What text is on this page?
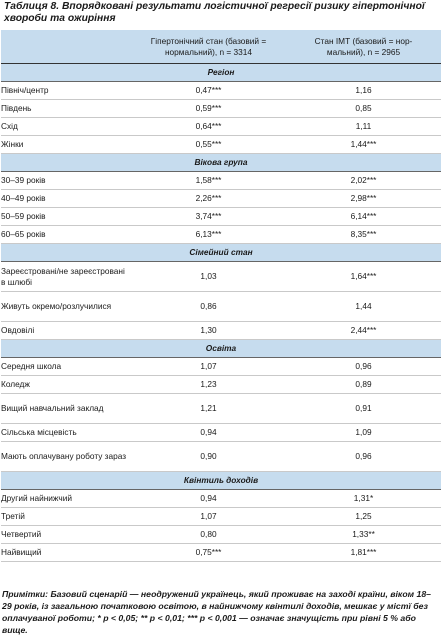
Таблиця 8. Впорядковані результати логістичної регресії ризику гіпертонічної хвороби та ожиріння
	Гіпертонічний стан (базовий = нормальний), n = 3314	Стан ІМТ (базовий = нор- мальний), n = 2965
Регіон		
Північ/центр	0,47***	1,16
Південь	0,59***	0,85
Схід	0,64***	1,11
Жінки	0,55***	1,44***
Вікова група		
30–39 років	1,58***	2,02***
40–49 років	2,26***	2,98***
50–59 років	3,74***	6,14***
60–65 років	6,13***	8,35***
Сімейний стан		
Зареєстровані/не зареєстровані в шлюбі	1,03	1,64***
Живуть окремо/розлучилися	0,86	1,44
Овдовілі	1,30	2,44***
Освіта		
Середня школа	1,07	0,96
Коледж	1,23	0,89
Вищий навчальний заклад	1,21	0,91
Сільська місцевість	0,94	1,09
Мають оплачувану роботу зараз	0,90	0,96
Квінтиль доходів		
Другий найнижчий	0,94	1,31*
Третій	1,07	1,25
Четвертий	0,80	1,33**
Найвищий	0,75***	1,81***
Примітки: Базовий сценарій — неодружений українець, який проживає на заході країни, віком 18–29 років, із загальною початковою освітою, в найнижчому квінтилі доходів, мешкає у містї без оплачуваної роботи; * p < 0,05; ** p < 0,01; *** p < 0,001 — означає значущість при рівні 5 % або вище.
